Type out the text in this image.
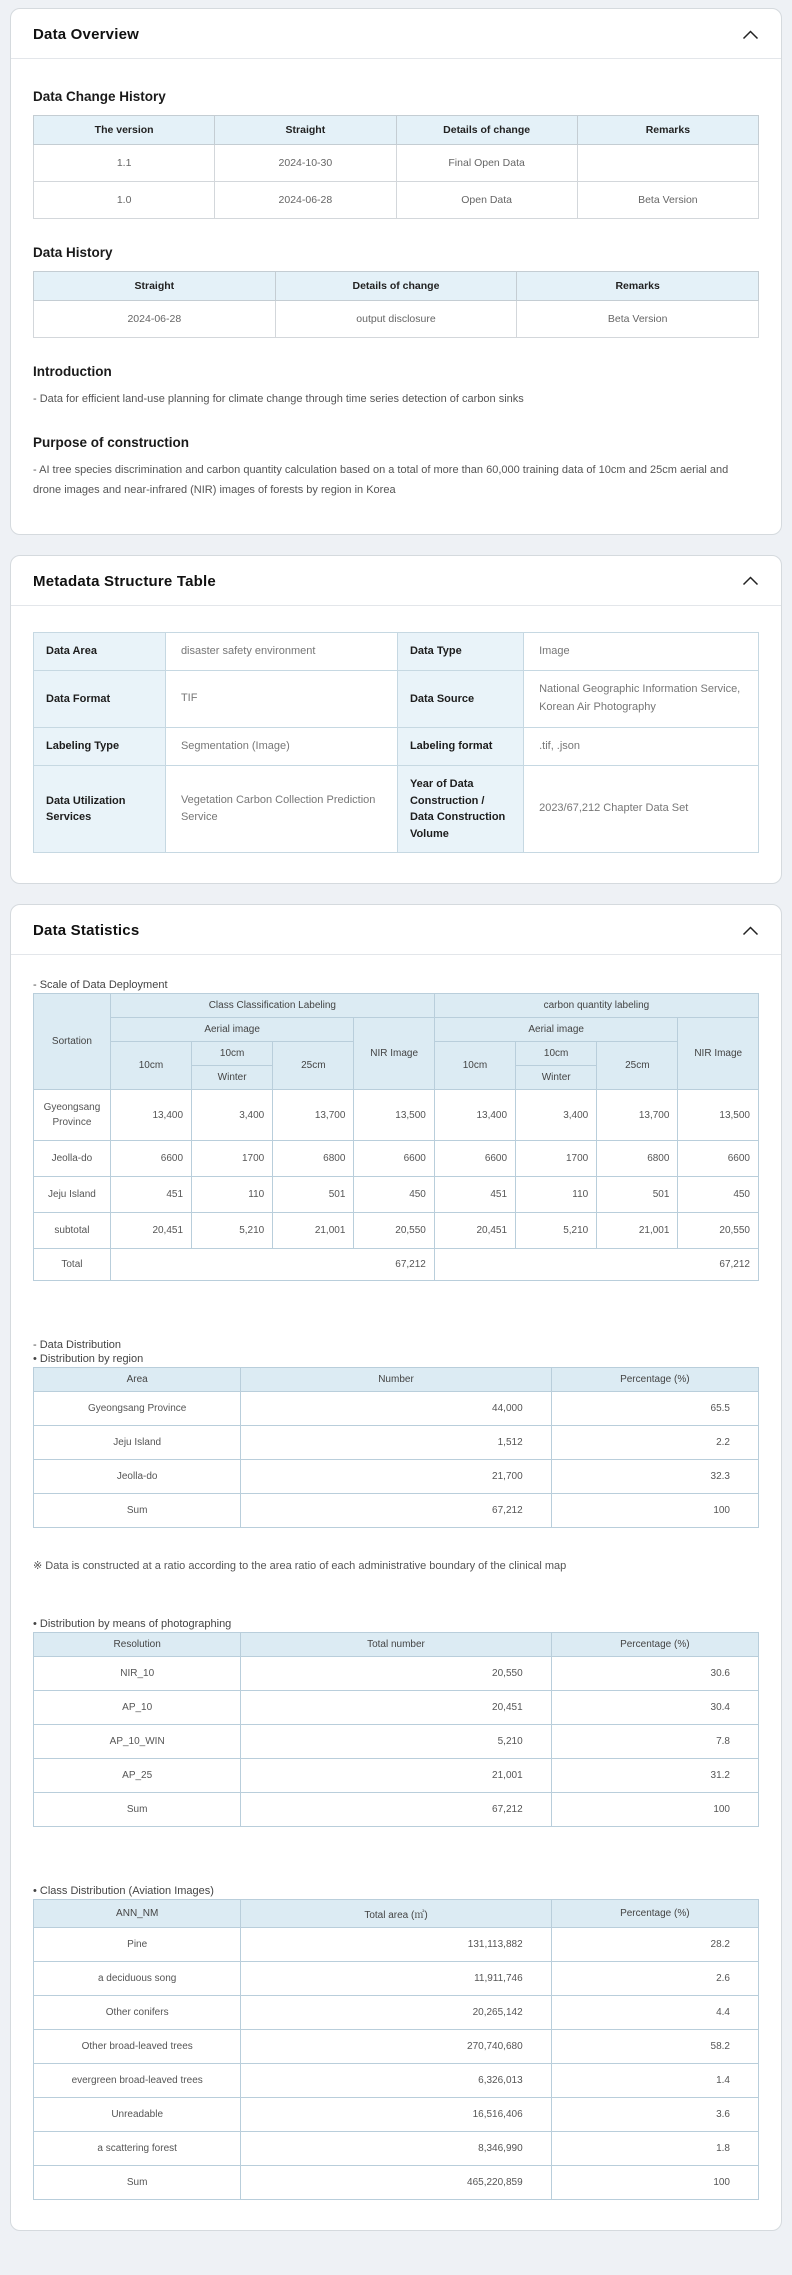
Data Overview
Data Change History
The version	Straight	Details of change	Remarks
1.1	2024-10-30	Final Open Data	
1.0	2024-06-28	Open Data	Beta Version
Data History
Straight	Details of change	Remarks
2024-06-28	output disclosure	Beta Version
Introduction

- Data for efficient land-use planning for climate change through time series detection of carbon sinks

Purpose of construction

- AI tree species discrimination and carbon quantity calculation based on a total of more than 60,000 training data of 10cm and 25cm aerial and drone images and near-infrared (NIR) images of forests by region in Korea

Metadata Structure Table
Data Area	disaster safety environment	Data Type	Image
Data Format	TIF	Data Source	National Geographic Information Service, Korean Air Photography
Labeling Type	Segmentation (Image)	Labeling format	.tif, .json
Data Utilization Services	Vegetation Carbon Collection Prediction Service	Year of Data Construction / Data Construction Volume	2023/67,212 Chapter Data Set
Data Statistics
- Scale of Data Deployment
Sortation	Class Classification Labeling				carbon quantity labeling			
	Aerial image			NIR Image	Aerial image			NIR Image
	10cm	10cm	25cm		10cm	10cm	25cm	
		Winter				Winter		
Gyeongsang Province	13,400	3,400	13,700	13,500	13,400	3,400	13,700	13,500
Jeolla-do	6600	1700	6800	6600	6600	1700	6800	6600
Jeju Island	451	110	501	450	451	110	501	450
subtotal	20,451	5,210	21,001	20,550	20,451	5,210	21,001	20,550
Total	67,212				67,212			
- Data Distribution
• Distribution by region
Area	Number	Percentage (%)
Gyeongsang Province	44,000	65.5
Jeju Island	1,512	2.2
Jeolla-do	21,700	32.3
Sum	67,212	100

※ Data is constructed at a ratio according to the area ratio of each administrative boundary of the clinical map

• Distribution by means of photographing
Resolution	Total number	Percentage (%)
NIR_10	20,550	30.6
AP_10	20,451	30.4
AP_10_WIN	5,210	7.8
AP_25	21,001	31.2
Sum	67,212	100
• Class Distribution (Aviation Images)
ANN_NM	Total area (㎡)	Percentage (%)
Pine	131,113,882	28.2
a deciduous song	11,911,746	2.6
Other conifers	20,265,142	4.4
Other broad-leaved trees	270,740,680	58.2
evergreen broad-leaved trees	6,326,013	1.4
Unreadable	16,516,406	3.6
a scattering forest	8,346,990	1.8
Sum	465,220,859	100
